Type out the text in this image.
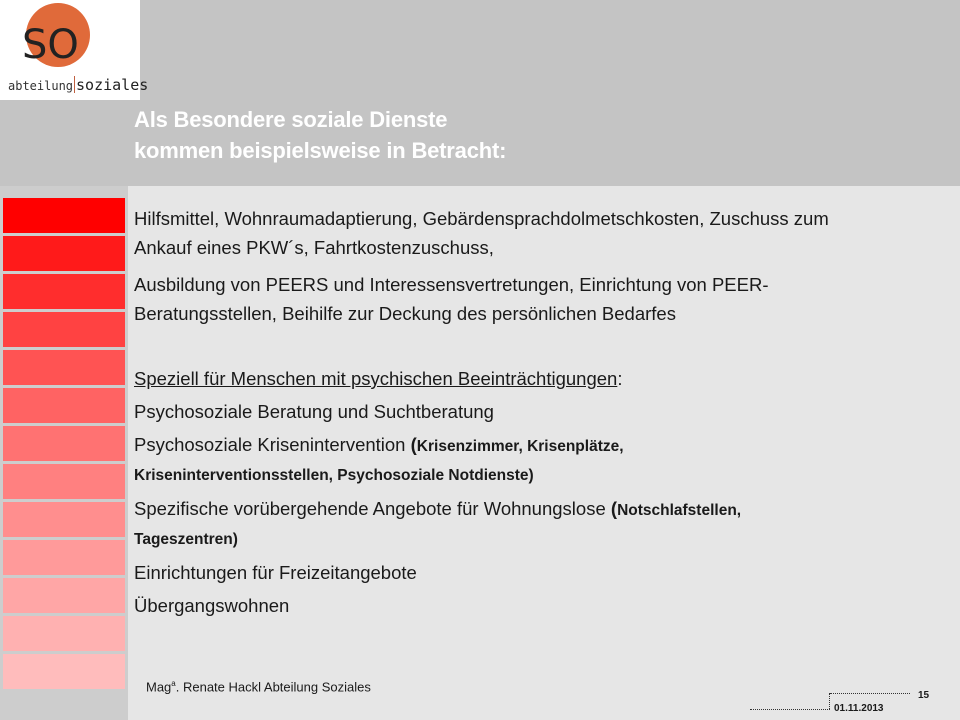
SO
abteilung soziales
Als Besondere soziale Dienste
kommen beispielsweise in Betracht:
Hilfsmittel, Wohnraumadaptierung, Gebärdensprachdolmetschkosten, Zuschuss zum
Ankauf eines PKW´s, Fahrtkostenzuschuss,
Ausbildung von PEERS und Interessensvertretungen, Einrichtung von PEER-
Beratungsstellen, Beihilfe zur Deckung des persönlichen Bedarfes
Speziell für Menschen mit psychischen Beeinträchtigungen:
Psychosoziale Beratung und Suchtberatung
Psychosoziale Krisenintervention (Krisenzimmer, Krisenplätze,
Kriseninterventionsstellen, Psychosoziale Notdienste)
Spezifische vorübergehende Angebote für Wohnungslose (Notschlafstellen,
Tageszentren)
Einrichtungen für Freizeitangebote
Übergangswohnen
Mag$^a$. Renate Hackl Abteilung Soziales
15
01.11.2013
